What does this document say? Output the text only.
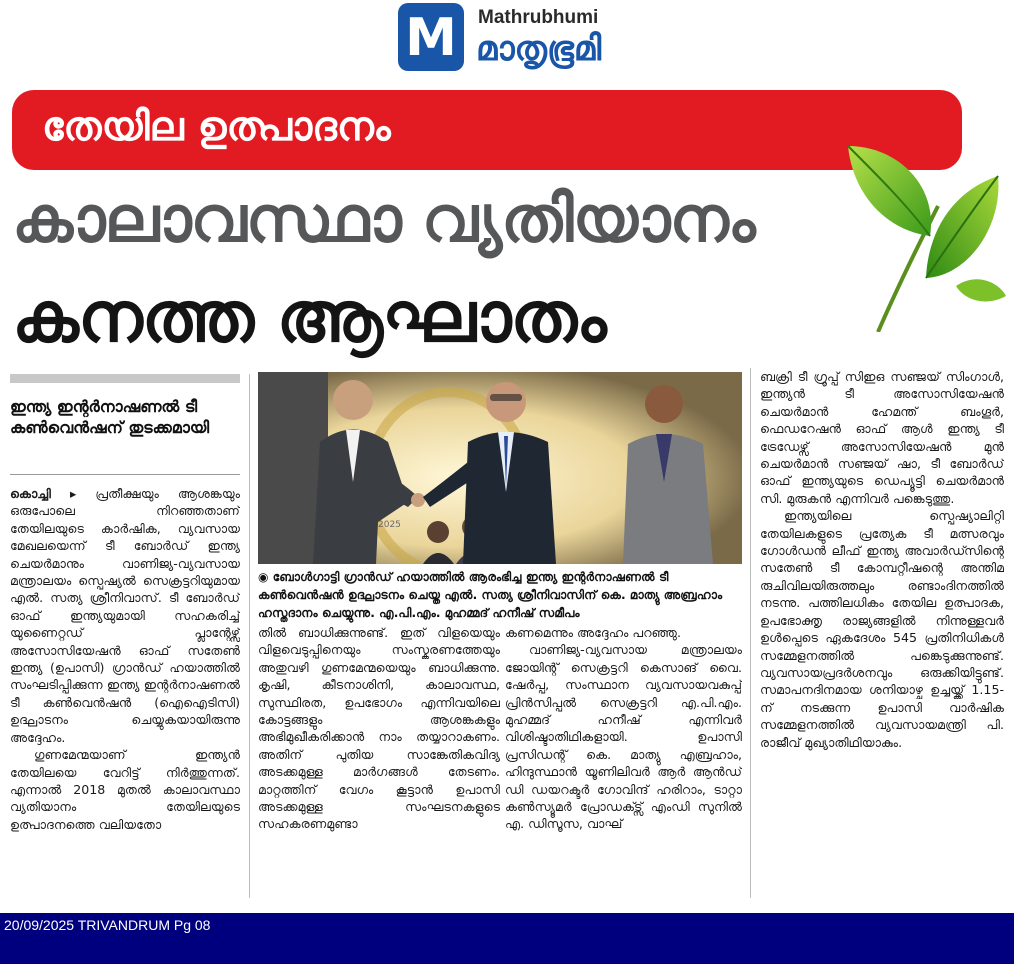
M	Mathrubhumi
മാതൃഭൂമി
തേയില ഉത്പാദനം
കാലാവസ്ഥാ വ്യതിയാനം
കനത്ത ആഘാതം
ഇന്ത്യ ഇന്റർനാഷണൽ ടീ കൺവെൻഷന് തുടക്കമായി

കൊച്ചി ▸ പ്രതീക്ഷയും ആശങ്കയും ഒരുപോലെ നിറഞ്ഞതാണ് തേയിലയുടെ കാർഷിക, വ്യവസായ മേഖലയെന്ന് ടീ ബോർഡ് ഇന്ത്യ ചെയർമാനും വാണിജ്യ-വ്യവസായ മന്ത്രാലയം സ്പെഷ്യൽ സെക്രട്ടറിയുമായ എൽ. സത്യ ശ്രീനിവാസ്. ടീ ബോർഡ് ഓഫ് ഇന്ത്യയുമായി സഹകരിച്ച് യുണൈറ്റഡ് പ്ലാന്റേഴ്സ് അസോസിയേഷൻ ഓഫ് സതേൺ ഇന്ത്യ (ഉപാസി) ഗ്രാൻഡ് ഹയാത്തിൽ സംഘടിപ്പിക്കുന്ന ഇന്ത്യ ഇന്റർനാഷണൽ ടീ കൺവെൻഷൻ (ഐഐടിസി) ഉദ്ഘാടനം ചെയ്യുകയായിരുന്നു അദ്ദേഹം.

ഗുണമേന്മയാണ് ഇന്ത്യൻ തേയിലയെ വേറിട്ട് നിർത്തുന്നത്. എന്നാൽ 2018 മുതൽ കാലാവസ്ഥാ വ്യതിയാനം തേയിലയുടെ ഉത്പാദനത്തെ വലിയതോ

2025
◉ ബോൾഗാട്ടി ഗ്രാൻഡ് ഹയാത്തിൽ ആരംഭിച്ച ഇന്ത്യ ഇന്റർനാഷണൽ ടീ കൺവെൻഷൻ ഉദ്ഘാടനം ചെയ്ത എൽ. സത്യ ശ്രീനിവാസിന് കെ. മാത്യു അബ്രഹാം ഹസ്തദാനം ചെയ്യുന്നു. എ.പി.എം. മുഹമ്മദ് ഹനീഷ് സമീപം

തിൽ ബാധിക്കുന്നുണ്ട്. ഇത് വിളയെയും വിളവെടുപ്പിനെയും സംസ്കരണത്തേയും അതുവഴി ഗുണമേന്മയെയും ബാധിക്കുന്നു. കൃഷി, കീടനാശിനി, കാലാവസ്ഥ, സുസ്ഥിരത, ഉപഭോഗം എന്നിവയിലെ കോട്ടങ്ങളും ആശങ്കകളും അഭിമുഖീകരിക്കാൻ നാം തയ്യാറാകണം. അതിന് പുതിയ സാങ്കേതികവിദ്യ അടക്കമുള്ള മാർഗങ്ങൾ തേടണം. മാറ്റത്തിന് വേഗം കൂട്ടാൻ ഉപാസി അടക്കമുള്ള സംഘടനകളുടെ സഹകരണമുണ്ടാ

കണമെന്നും അദ്ദേഹം പറഞ്ഞു.

വാണിജ്യ-വ്യവസായ മന്ത്രാലയം ജോയിന്റ് സെക്രട്ടറി കെസാങ് വൈ. ഷേർപ്പ, സംസ്ഥാന വ്യവസായവകുപ്പ് പ്രിൻസിപ്പൽ സെക്രട്ടറി എ.പി.എം. മുഹമ്മദ് ഹനീഷ് എന്നിവർ വിശിഷ്ടാതിഥികളായി. ഉപാസി പ്രസിഡന്റ് കെ. മാത്യു എബ്രഹാം, ഹിന്ദുസ്ഥാൻ യൂണിലിവർ ആർ ആൻഡ് ഡി ഡയറക്ടർ ഗോവിന്ദ് ഹരിറാം, ടാറ്റാ കൺസ്യൂമർ പ്രോഡക്ട്സ് എംഡി സുനിൽ എ. ഡിസൂസ, വാഘ്

ബക്രി ടീ ഗ്രൂപ്പ് സിഇഒ സഞ്ജയ് സിംഗാൾ, ഇന്ത്യൻ ടീ അസോസിയേഷൻ ചെയർമാൻ ഹേമന്ത് ബംഗൂർ, ഫെഡറേഷൻ ഓഫ് ആൾ ഇന്ത്യ ടീ ട്രേഡേഴ്സ് അസോസിയേഷൻ മുൻ ചെയർമാൻ സഞ്ജയ് ഷാ, ടീ ബോർഡ് ഓഫ് ഇന്ത്യയുടെ ഡെപ്യൂട്ടി ചെയർമാൻ സി. മുരുകൻ എന്നിവർ പങ്കെടുത്തു.

ഇന്ത്യയിലെ സ്പെഷ്യാലിറ്റി തേയിലകളുടെ പ്രത്യേക ടീ മത്സരവും ഗോൾഡൻ ലീഫ് ഇന്ത്യ അവാർഡ്സിന്റെ സതേൺ ടീ കോമ്പറ്റീഷന്റെ അന്തിമ രുചിവിലയിരുത്തലും രണ്ടാംദിനത്തിൽ നടന്നു. പത്തിലധികം തേയില ഉത്പാദക, ഉപഭോക്തൃ രാജ്യങ്ങളിൽ നിന്നുള്ളവർ ഉൾപ്പെടെ ഏകദേശം 545 പ്രതിനിധികൾ സമ്മേളനത്തിൽ പങ്കെടുക്കുന്നുണ്ട്. വ്യവസായപ്രദർശനവും ഒരുക്കിയിട്ടുണ്ട്. സമാപനദിനമായ ശനിയാഴ്ച ഉച്ചയ്ക്ക് 1.15-ന് നടക്കുന്ന ഉപാസി വാർഷിക സമ്മേളനത്തിൽ വ്യവസായമന്ത്രി പി. രാജീവ് മുഖ്യാതിഥിയാകും.

20/09/2025 TRIVANDRUM Pg 08
